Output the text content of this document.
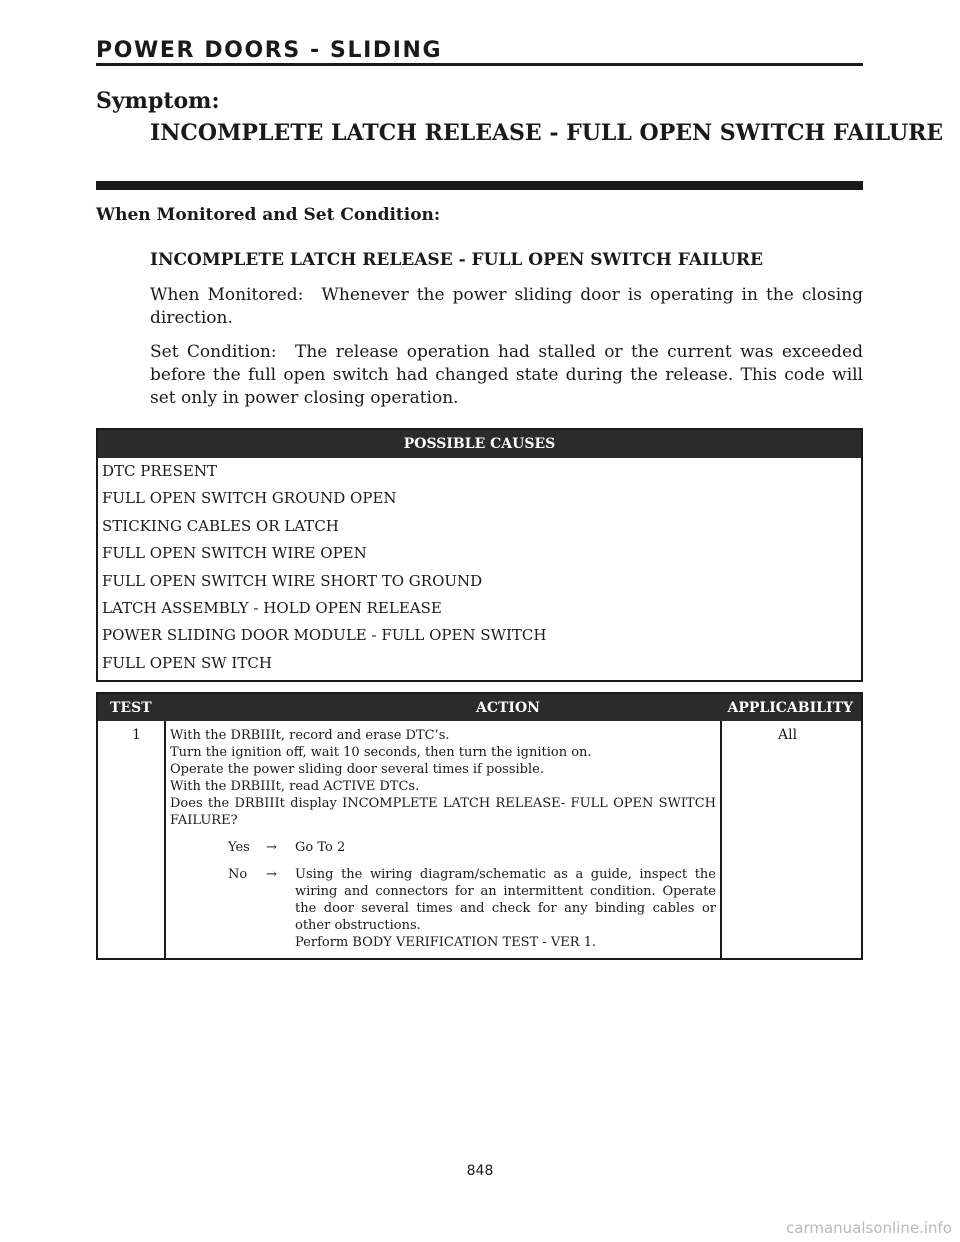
POWER DOORS - SLIDING
Symptom:
INCOMPLETE LATCH RELEASE - FULL OPEN SWITCH FAILURE
When Monitored and Set Condition:
INCOMPLETE LATCH RELEASE - FULL OPEN SWITCH FAILURE

When Monitored: Whenever the power sliding door is operating in the closing direction.

Set Condition: The release operation had stalled or the current was exceeded before the full open switch had changed state during the release. This code will set only in power closing operation.

POSSIBLE CAUSES
DTC PRESENT
FULL OPEN SWITCH GROUND OPEN
STICKING CABLES OR LATCH
FULL OPEN SWITCH WIRE OPEN
FULL OPEN SWITCH WIRE SHORT TO GROUND
LATCH ASSEMBLY - HOLD OPEN RELEASE
POWER SLIDING DOOR MODULE - FULL OPEN SWITCH
FULL OPEN SW ITCH
TEST	ACTION	APPLICABILITY
1 With the DRBIIIt, record and erase DTC’s.
Turn the ignition off, wait 10 seconds, then turn the ignition on.
Operate the power sliding door several times if possible.
With the DRBIIIt, read ACTIVE DTCs.
Does the DRBIIIt display INCOMPLETE LATCH RELEASE- FULL OPEN SWITCH FAILURE?
Yes → Go To 2
No → Using the wiring diagram/schematic as a guide, inspect the wiring and connectors for an intermittent condition. Operate the door several times and check for any binding cables or other obstructions.
Perform BODY VERIFICATION TEST - VER 1.
All
848
carmanualsonline.info
